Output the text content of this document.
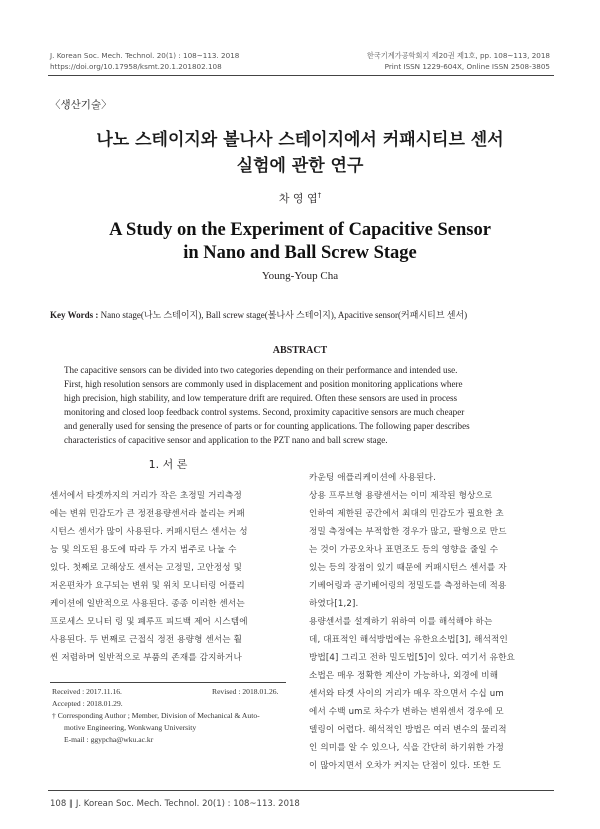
J. Korean Soc. Mech. Technol. 20(1) : 108~113. 2018
https://doi.org/10.17958/ksmt.20.1.201802.108
한국기계가공학회지 제20권 제1호, pp. 108~113, 2018
Print ISSN 1229-604X, Online ISSN 2508-3805
〈생산기술〉
나노 스테이지와 볼나사 스테이지에서 커패시티브 센서
실험에 관한 연구
차 영 엽†
A Study on the Experiment of Capacitive Sensor
in Nano and Ball Screw Stage
Young-Youp Cha
Key Words : Nano stage(나노 스테이지), Ball screw stage(볼나사 스테이지), Apacitive sensor(커패시티브 센서)
ABSTRACT
The capacitive sensors can be divided into two categories depending on their performance and intended use.
First, high resolution sensors are commonly used in displacement and position monitoring applications where
high precision, high stability, and low temperature drift are required. Often these sensors are used in process
monitoring and closed loop feedback control systems. Second, proximity capacitive sensors are much cheaper
and generally used for sensing the presence of parts or for counting applications. The following paper describes
characteristics of capacitive sensor and application to the PZT nano and ball screw stage.
1. 서 론
센서에서 타겟까지의 거리가 작은 초정밀 거리측정
에는 변위 민감도가 큰 정전용량센서라 불리는 커패
시턴스 센서가 많이 사용된다. 커패시턴스 센서는 성
능 및 의도된 용도에 따라 두 가지 범주로 나눌 수
있다. 첫째로 고해상도 센서는 고정밀, 고안정성 및
저온편차가 요구되는 변위 및 위치 모니터링 어플리
케이션에 일반적으로 사용된다. 종종 이러한 센서는
프로세스 모니터 링 및 폐루프 피드백 제어 시스템에
사용된다. 두 번째로 근접식 정전 용량형 센서는 훨
씬 저렴하며 일반적으로 부품의 존재를 감지하거나
Received : 2017.11.16.	Revised : 2018.01.26.
Accepted : 2018.01.29.
† Corresponding Author ; Member, Division of Mechanical & Auto-
motive Engineering, Wonkwang University
E-mail : ggypcha@wku.ac.kr
카운팅 애플리케이션에 사용된다.
상용 프루브형 용량센서는 이미 제작된 형상으로
인하여 제한된 공간에서 최대의 민감도가 필요한 초
정밀 측정에는 부적합한 경우가 많고, 팔형으로 만드
는 것이 가공오차나 표면조도 등의 영향을 줄일 수
있는 등의 장점이 있기 때문에 커패시턴스 센서를 자
기베어링과 공기베어링의 정밀도를 측정하는데 적용
하였다[1,2].
용량센서를 설계하기 위하여 이를 해석해야 하는
데, 대표적인 해석방법에는 유한요소법[3], 해석적인
방법[4] 그리고 전하 밀도법[5]이 있다. 여기서 유한요
소법은 매우 정확한 계산이 가능하나, 외경에 비해
센서와 타겟 사이의 거리가 매우 작으면서 수십 um
에서 수백 um로 차수가 변하는 변위센서 경우에 모
델링이 어렵다. 해석적인 방법은 여러 변수의 물리적
인 의미를 알 수 있으나, 식을 간단히 하기위한 가정
이 많아지면서 오차가 커지는 단점이 있다. 또한 도
108 ∥ J. Korean Soc. Mech. Technol. 20(1) : 108~113. 2018
